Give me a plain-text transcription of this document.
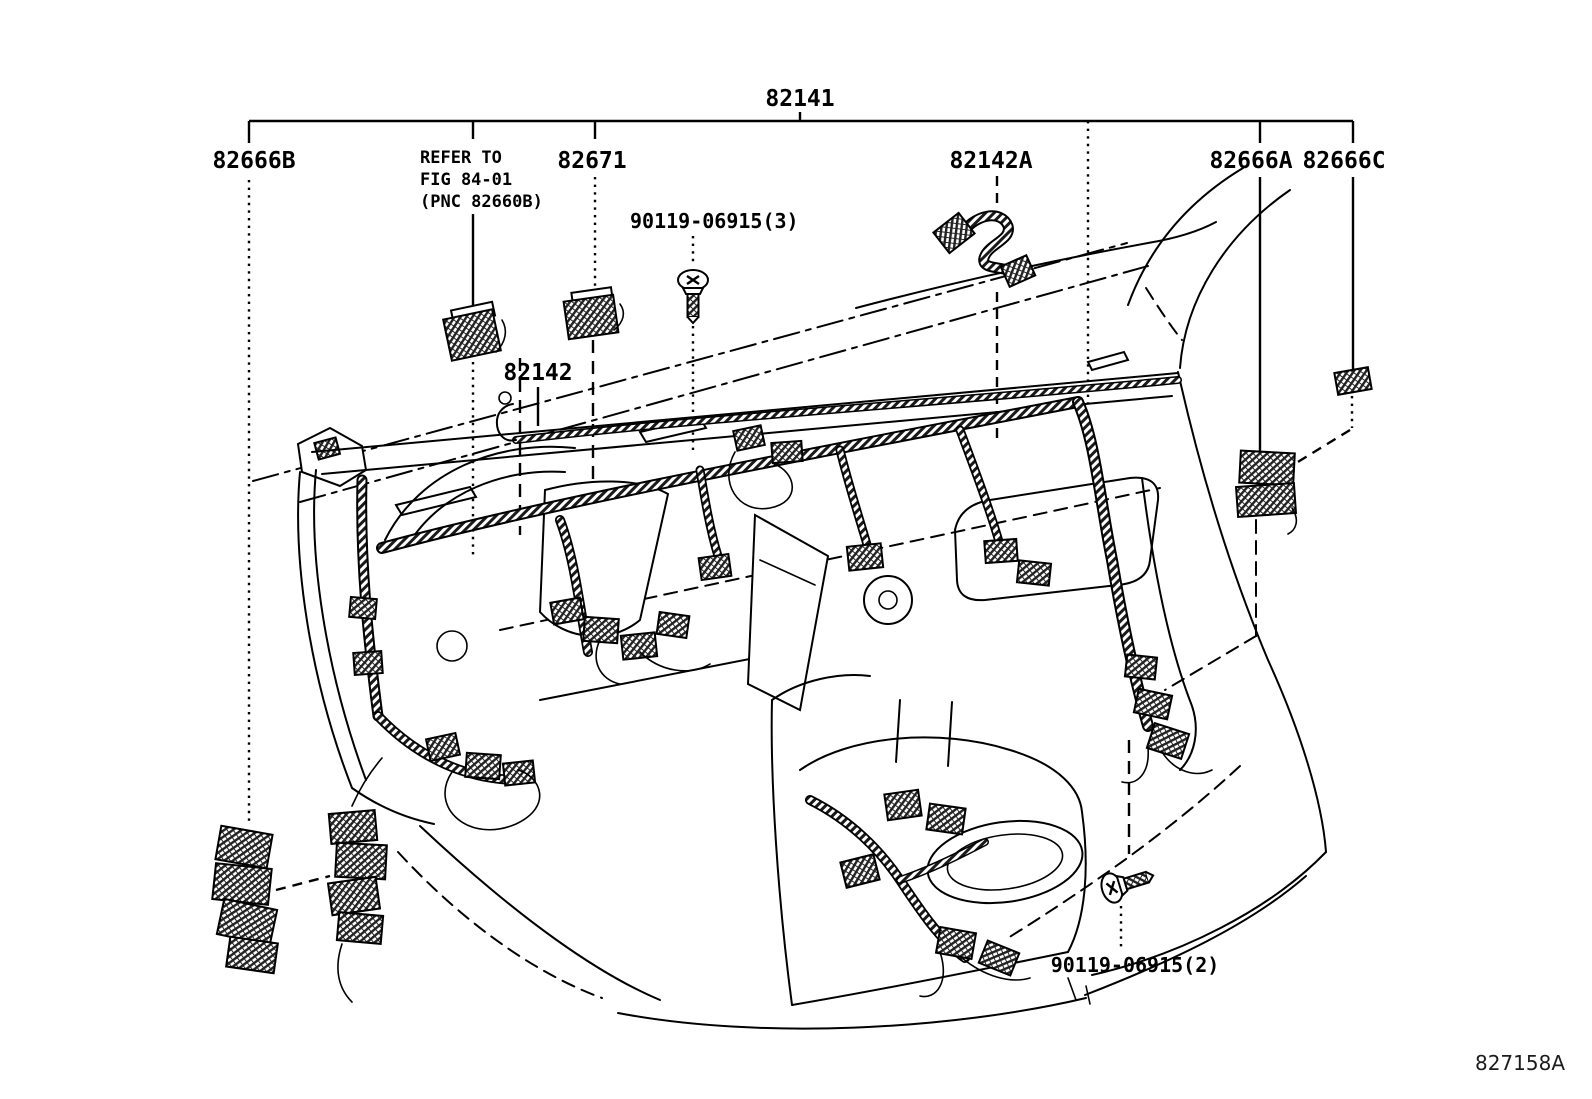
82141
82666B	REFER TO
FIG 84-01
(PNC 82660B)
82671
90119-06915(3)
82142A	82666A 82666C
82142
90119-06915(2)
827158A
